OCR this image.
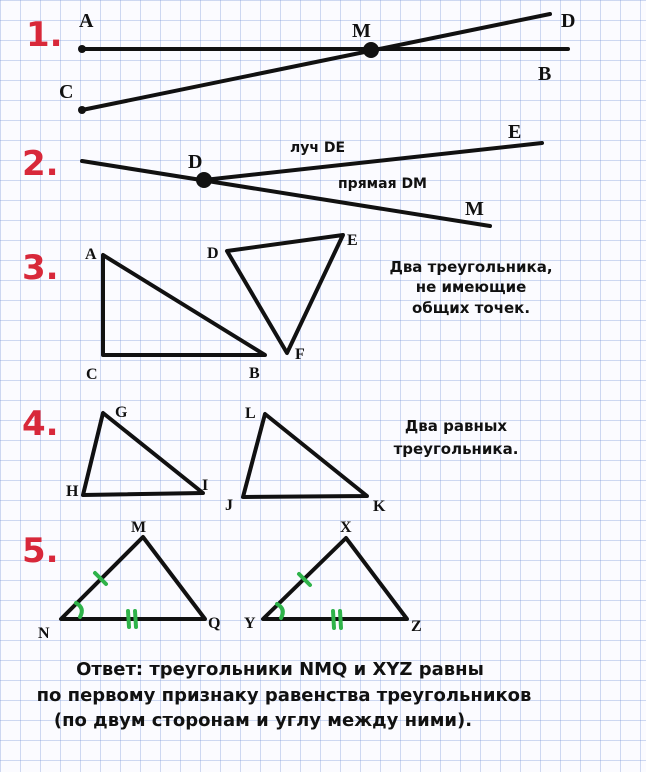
1. A	M	D
C
B
2.	D
E
M
луч DE
прямая DM
3. A
C	B
D
E
F
Два треугольника,
не имеющие
общих точек.
4.	G
H	I
L
J	K
Два равных
треугольника.
5.
M
N
Q
X
Y	Z
Ответ: треугольники NMQ и XYZ равны
по первому признаку равенства треугольников
(по двум сторонам и углу между ними).
